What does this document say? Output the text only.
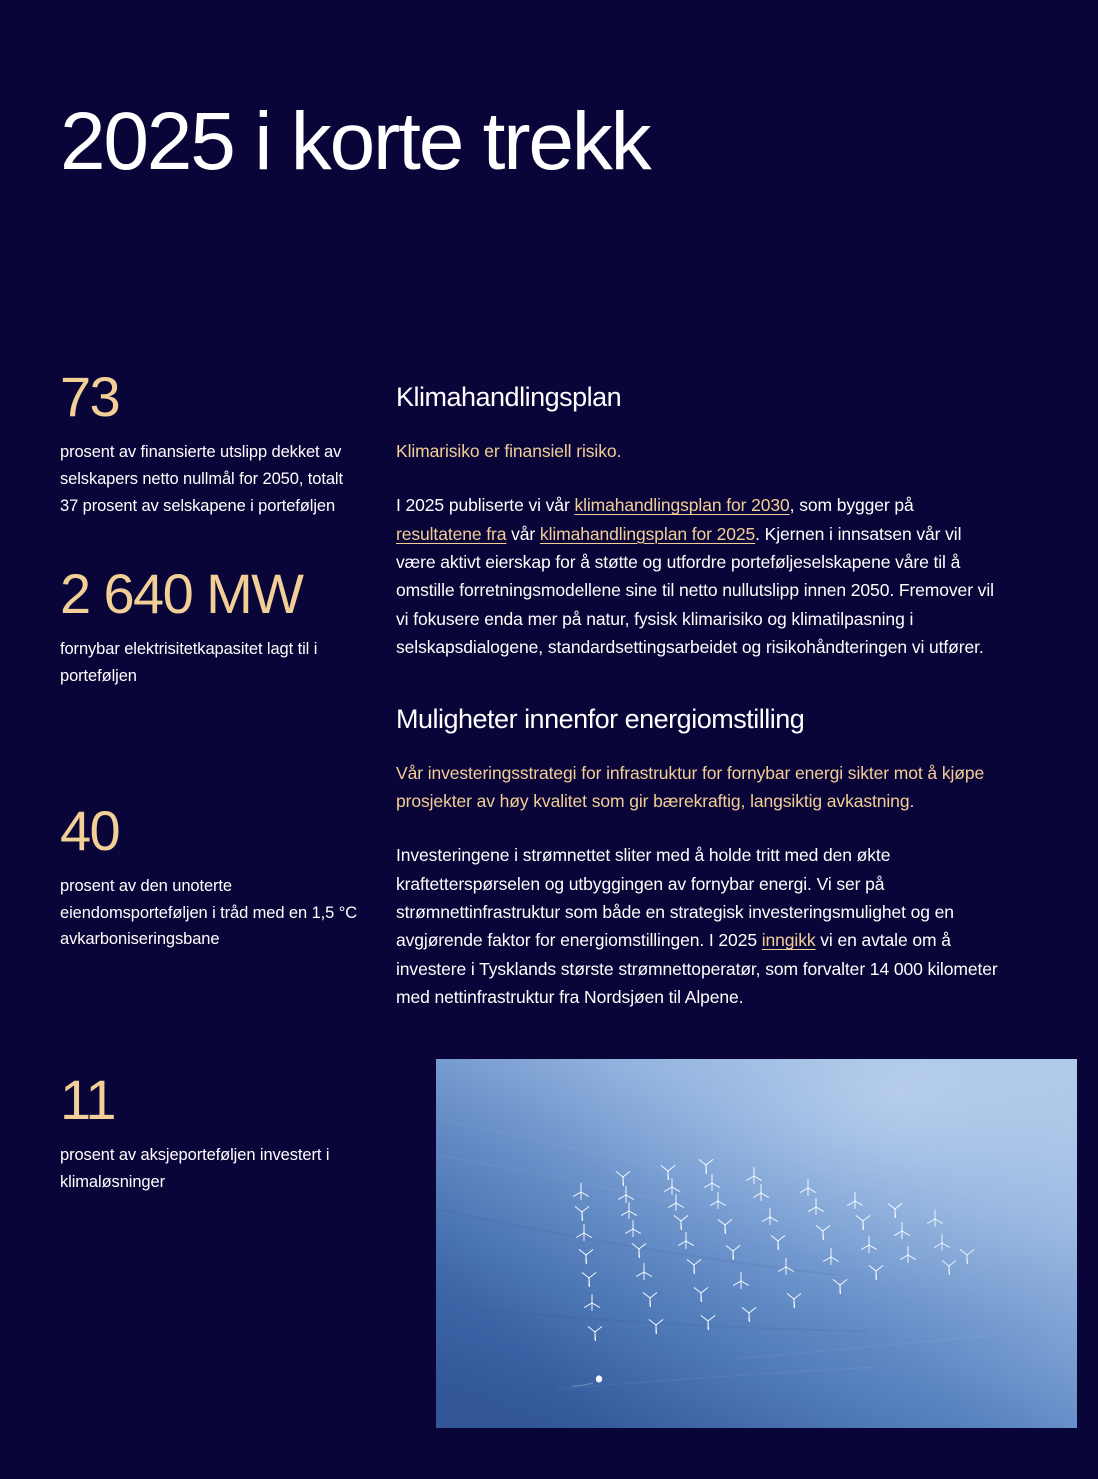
2025 i korte trekk
73
prosent av finansierte utslipp dekket av selskapers netto nullmål for 2050, totalt 37 prosent av selskapene i porteføljen
2 640 MW
fornybar elektrisitetkapasitet lagt til i porteføljen
40
prosent av den unoterte eiendomsporteføljen i tråd med en 1,5 °C avkarboniseringsbane
11
prosent av aksjeporteføljen investert i klimaløsninger
Klimahandlingsplan

Klimarisiko er finansiell risiko.

I 2025 publiserte vi vår klimahandlingsplan for 2030, som bygger på resultatene fra vår klimahandlingsplan for 2025. Kjernen i innsatsen vår vil være aktivt eierskap for å støtte og utfordre porteføljeselskapene våre til å omstille forretningsmodellene sine til netto nullutslipp innen 2050. Fremover vil vi fokusere enda mer på natur, fysisk klimarisiko og klimatilpasning i selskapsdialogene, standardsettingsarbeidet og risikohåndteringen vi utfører.

Muligheter innenfor energiomstilling

Vår investeringsstrategi for infrastruktur for fornybar energi sikter mot å kjøpe prosjekter av høy kvalitet som gir bærekraftig, langsiktig avkastning.

Investeringene i strømnettet sliter med å holde tritt med den økte kraftetterspørselen og utbyggingen av fornybar energi. Vi ser på strømnettinfrastruktur som både en strategisk investeringsmulighet og en avgjørende faktor for energiomstillingen. I 2025 inngikk vi en avtale om å investere i Tysklands største strømnettoperatør, som forvalter 14 000 kilometer med nettinfrastruktur fra Nordsjøen til Alpene.
